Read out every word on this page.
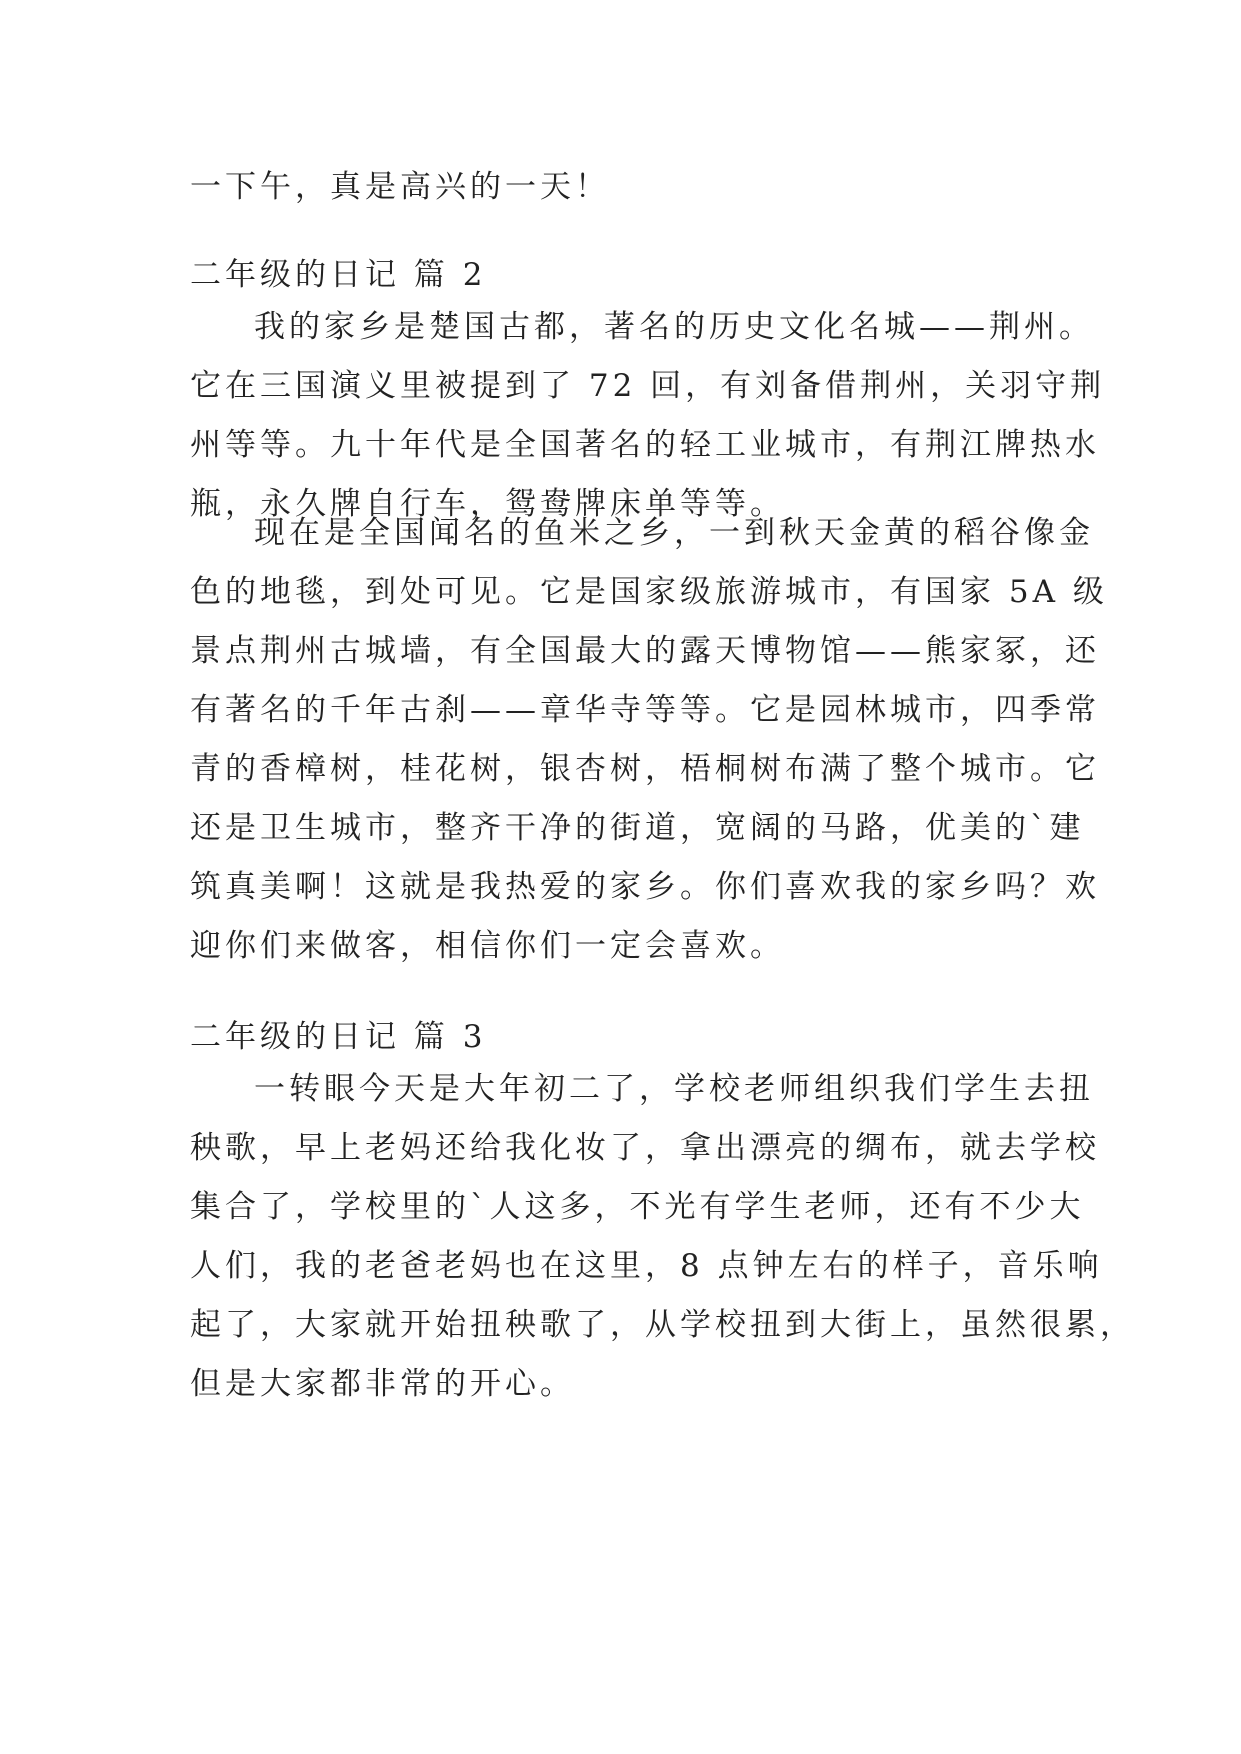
一下午，真是高兴的一天！

二年级的日记 篇 2

我的家乡是楚国古都，著名的历史文化名城——荆州。
它在三国演义里被提到了 72 回，有刘备借荆州，关羽守荆
州等等。九十年代是全国著名的轻工业城市，有荆江牌热水
瓶，永久牌自行车，鸳鸯牌床单等等。
现在是全国闻名的鱼米之乡，一到秋天金黄的稻谷像金
色的地毯，到处可见。它是国家级旅游城市，有国家 5A 级
景点荆州古城墙，有全国最大的露天博物馆——熊家冢，还
有著名的千年古刹——章华寺等等。它是园林城市，四季常
青的香樟树，桂花树，银杏树，梧桐树布满了整个城市。它
还是卫生城市，整齐干净的街道，宽阔的马路，优美的`建
筑真美啊！这就是我热爱的家乡。你们喜欢我的家乡吗？欢
迎你们来做客，相信你们一定会喜欢。

二年级的日记 篇 3

一转眼今天是大年初二了，学校老师组织我们学生去扭
秧歌，早上老妈还给我化妆了，拿出漂亮的绸布，就去学校
集合了，学校里的`人这多，不光有学生老师，还有不少大
人们，我的老爸老妈也在这里，8 点钟左右的样子，音乐响
起了，大家就开始扭秧歌了，从学校扭到大街上，虽然很累，
但是大家都非常的开心。
